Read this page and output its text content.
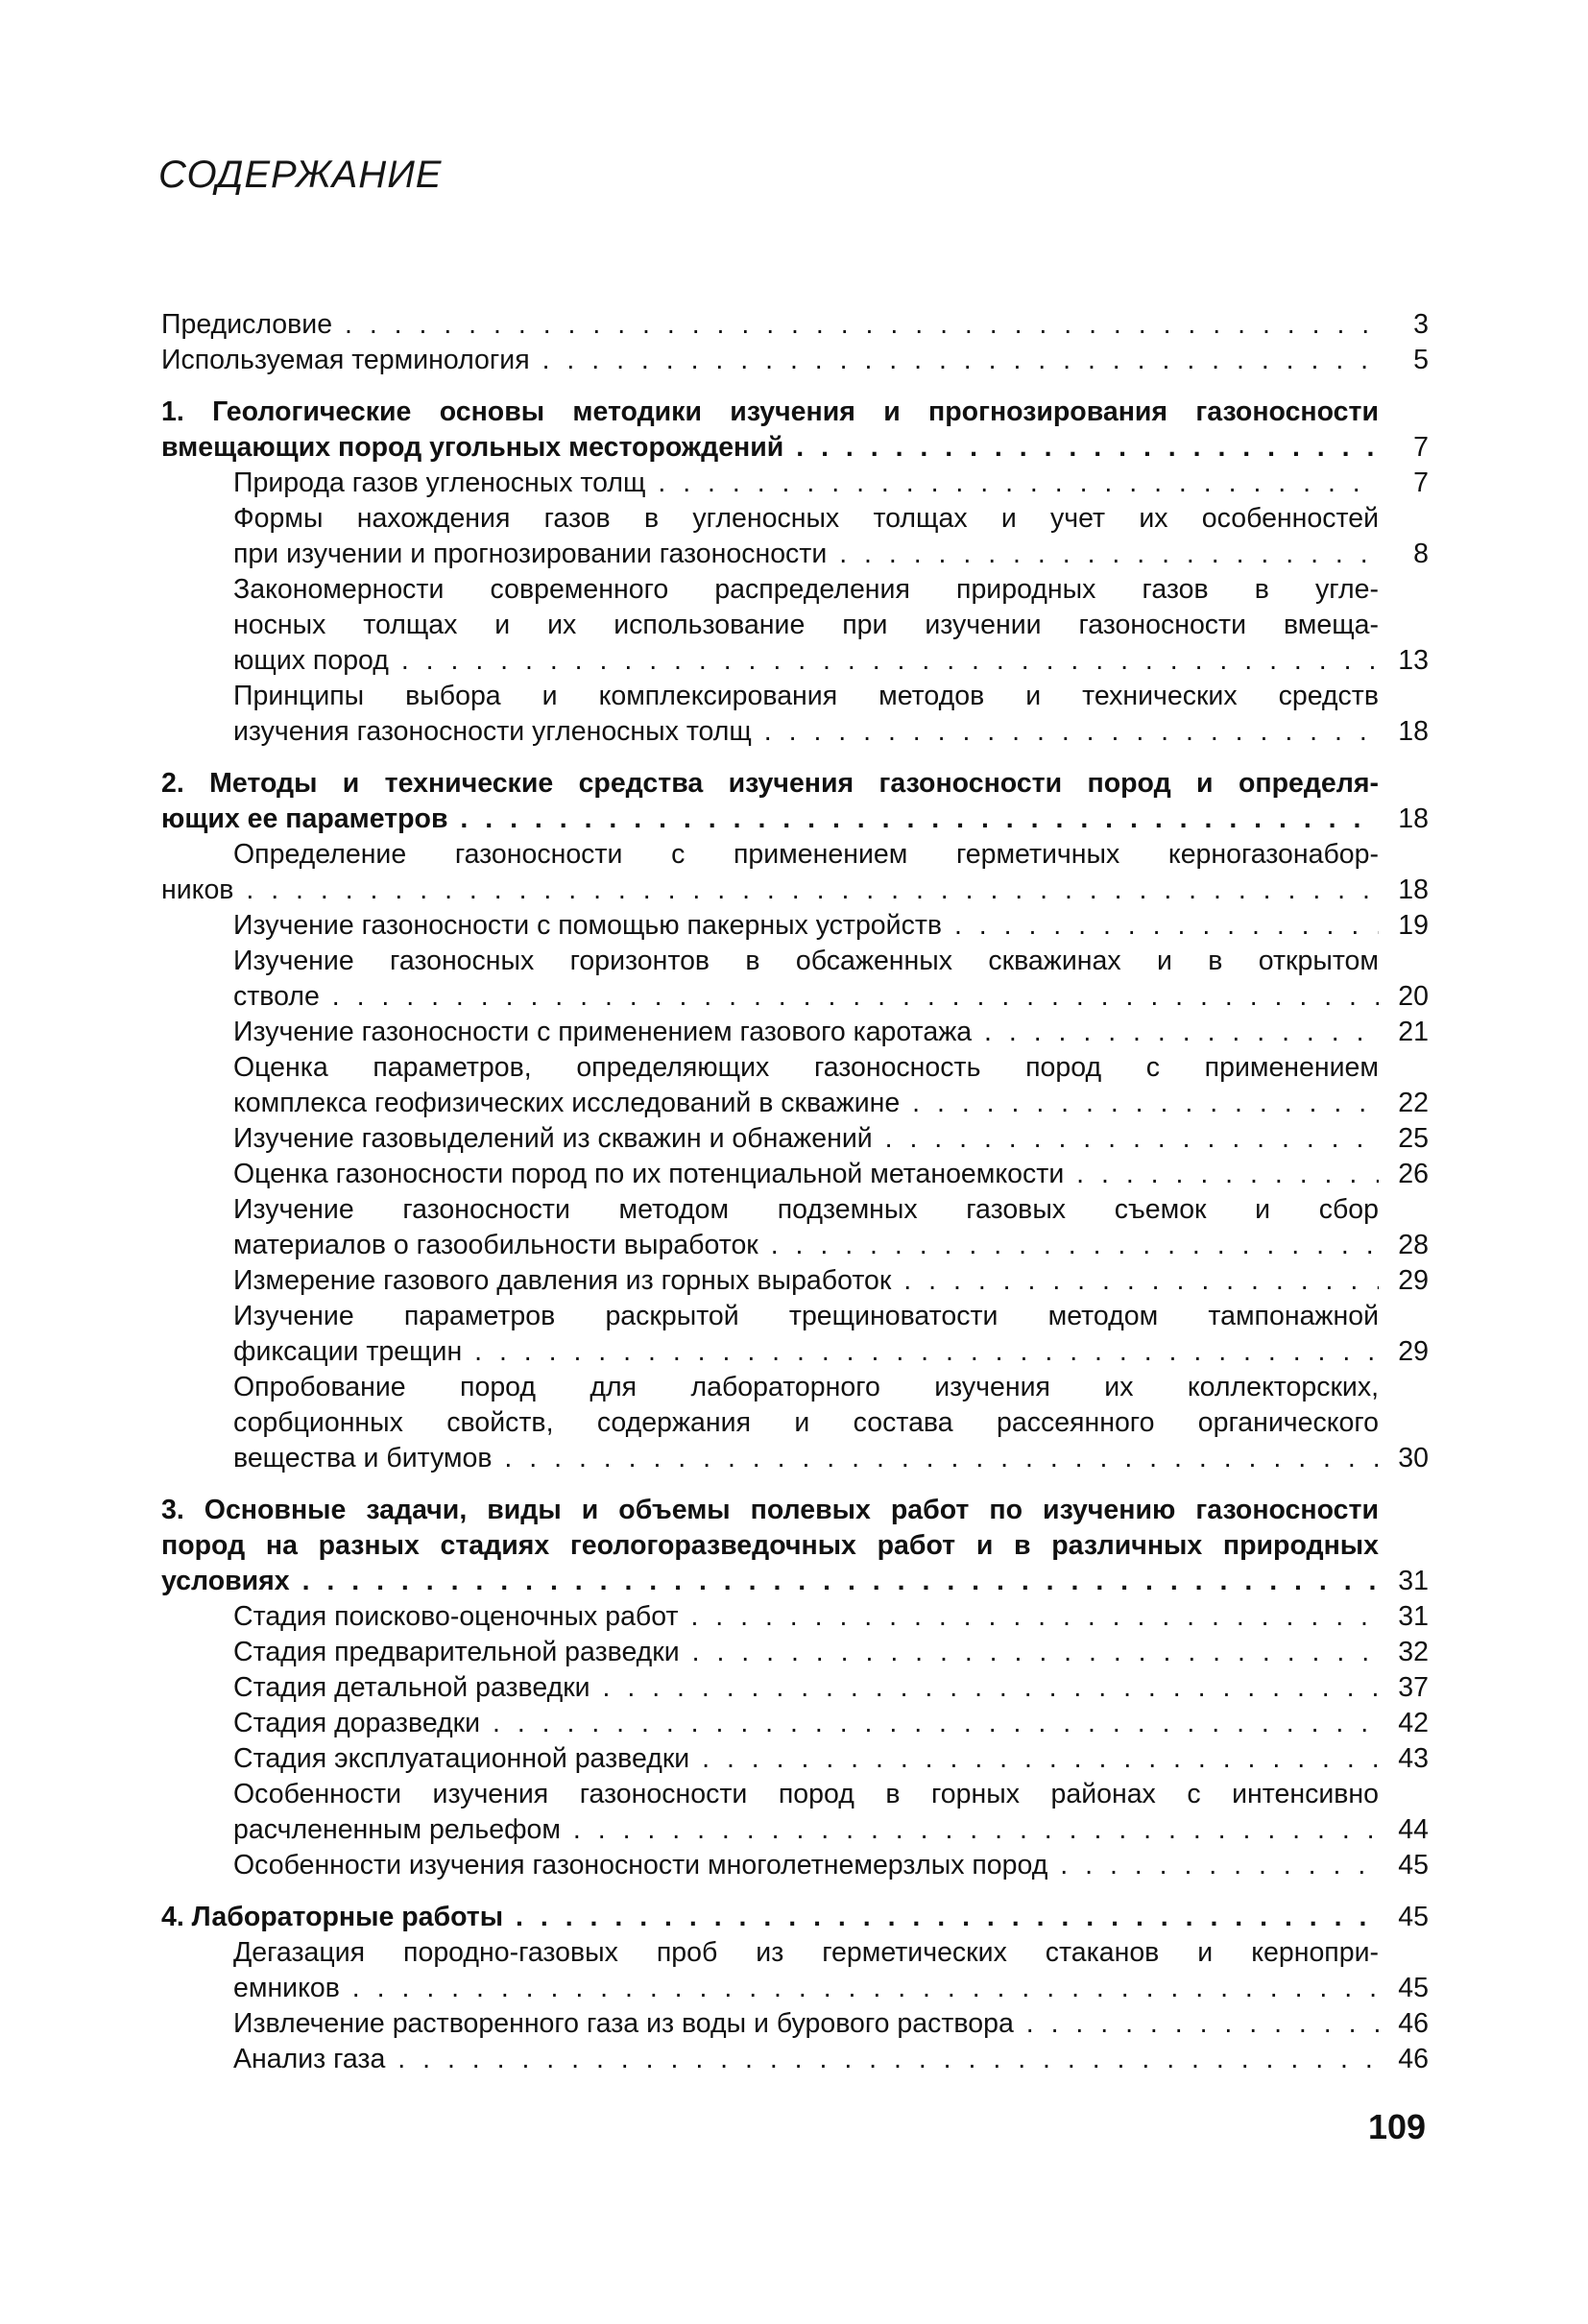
СОДЕРЖАНИЕ
Предисловие . . .	3
Используемая терминология . . .	5
1. Геологические основы методики изучения и прогнозирования газоносности
вмещающих пород угольных месторождений . . .	7
Природа газов угленосных толщ . . .	7
Формы нахождения газов в угленосных толщах и учет их особенностей
при изучении и прогнозировании газоносности . . .	8
Закономерности современного распределения природных газов в угле-
носных толщах и их использование при изучении газоносности вмеща-
ющих пород . . .	13
Принципы выбора и комплексирования методов и технических средств
изучения газоносности угленосных толщ . . .	18
2. Методы и технические средства изучения газоносности пород и определя-
ющих ее параметров . . .	18
Определение газоносности с применением герметичных керногазонабор-
ников . . .	18
Изучение газоносности с помощью пакерных устройств . . .	19
Изучение газоносных горизонтов в обсаженных скважинах и в открытом
стволе . . .	20
Изучение газоносности с применением газового каротажа . . .	21
Оценка параметров, определяющих газоносность пород с применением
комплекса геофизических исследований в скважине . . .	22
Изучение газовыделений из скважин и обнажений . . .	25
Оценка газоносности пород по их потенциальной метаноемкости . . .	26
Изучение газоносности методом подземных газовых съемок и сбор
материалов о газообильности выработок . . .	28
Измерение газового давления из горных выработок . . .	29
Изучение параметров раскрытой трещиноватости методом тампонажной
фиксации трещин . . .	29
Опробование пород для лабораторного изучения их коллекторских,
сорбционных свойств, содержания и состава рассеянного органического
вещества и битумов . . .	30
3. Основные задачи, виды и объемы полевых работ по изучению газоносности
пород на разных стадиях геологоразведочных работ и в различных природных
условиях . . .	31
Стадия поисково-оценочных работ . . .	31
Стадия предварительной разведки . . .	32
Стадия детальной разведки . . .	37
Стадия доразведки . . .	42
Стадия эксплуатационной разведки . . .	43
Особенности изучения газоносности пород в горных районах с интенсивно
расчлененным рельефом . . .	44
Особенности изучения газоносности многолетнемерзлых пород . . .	45
4. Лабораторные работы . . .	45
Дегазация породно-газовых проб из герметических стаканов и кернопри-
емников . . .	45
Извлечение растворенного газа из воды и бурового раствора . . .	46
Анализ газа . . .	46
109
